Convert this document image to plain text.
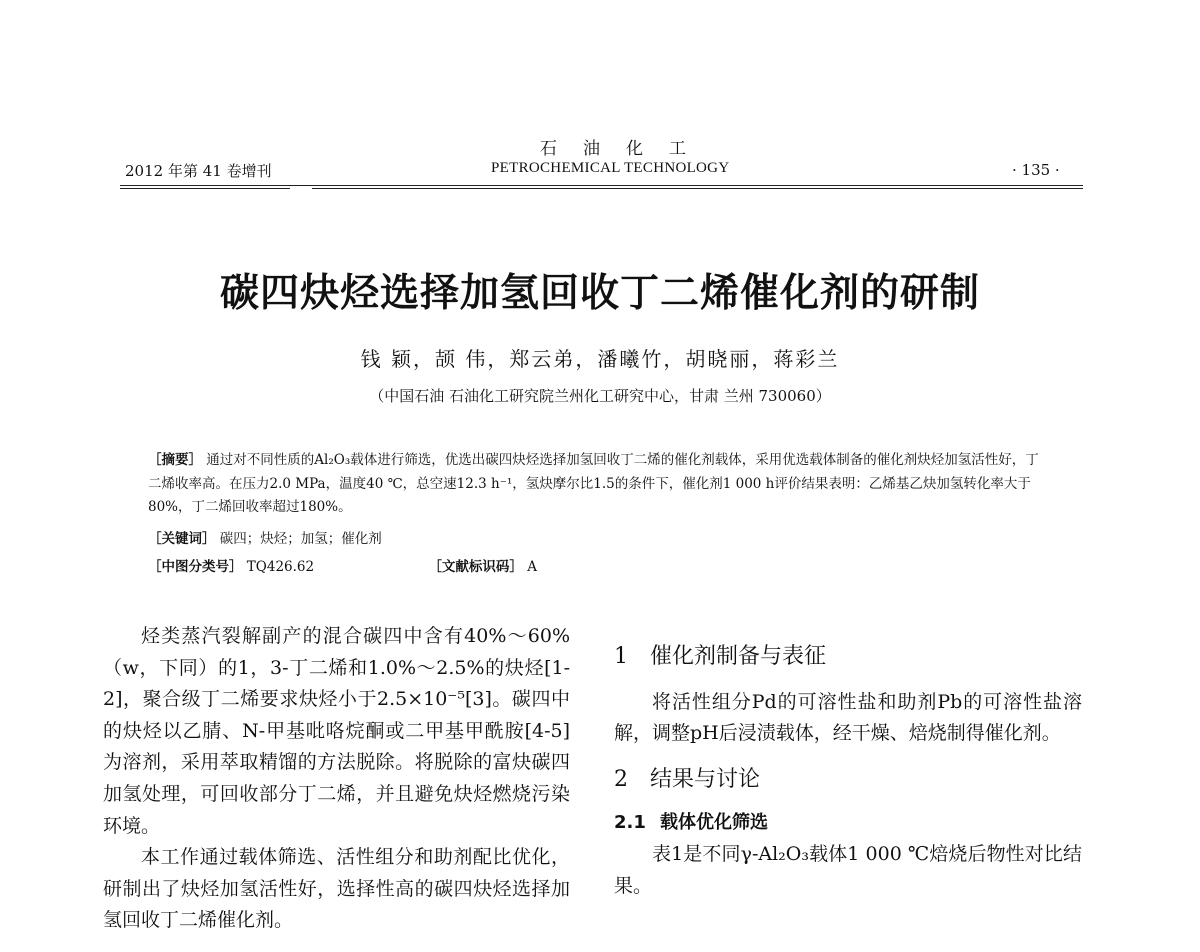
石油化工
2012 年第 41 卷增刊	PETROCHEMICAL TECHNOLOGY	· 135 ·
碳四炔烃选择加氢回收丁二烯催化剂的研制
钱 颖，颉 伟，郑云弟，潘曦竹，胡晓丽，蒋彩兰
（中国石油 石油化工研究院兰州化工研究中心，甘肃 兰州 730060）
［摘要］ 通过对不同性质的Al₂O₃载体进行筛选，优选出碳四炔烃选择加氢回收丁二烯的催化剂载体，采用优选载体制备的催化剂炔烃加氢活性好，丁二烯收率高。在压力2.0 MPa，温度40 ℃，总空速12.3 h⁻¹，氢炔摩尔比1.5的条件下，催化剂1 000 h评价结果表明：乙烯基乙炔加氢转化率大于80%，丁二烯回收率超过180%。
［关键词］ 碳四；炔烃；加氢；催化剂
［中图分类号］ TQ426.62	［文献标识码］ A

烃类蒸汽裂解副产的混合碳四中含有40%～60%（w，下同）的1，3-丁二烯和1.0%～2.5%的炔烃[1-2]，聚合级丁二烯要求炔烃小于2.5×10⁻⁵[3]。碳四中的炔烃以乙腈、N-甲基吡咯烷酮或二甲基甲酰胺[4-5]为溶剂，采用萃取精馏的方法脱除。将脱除的富炔碳四加氢处理，可回收部分丁二烯，并且避免炔烃燃烧污染环境。

本工作通过载体筛选、活性组分和助剂配比优化，研制出了炔烃加氢活性好，选择性高的碳四炔烃选择加氢回收丁二烯催化剂。

1 催化剂制备与表征

将活性组分Pd的可溶性盐和助剂Pb的可溶性盐溶解，调整pH后浸渍载体，经干燥、焙烧制得催化剂。

2 结果与讨论
2.1 载体优化筛选

表1是不同γ-Al₂O₃载体1 000 ℃焙烧后物性对比结果。
